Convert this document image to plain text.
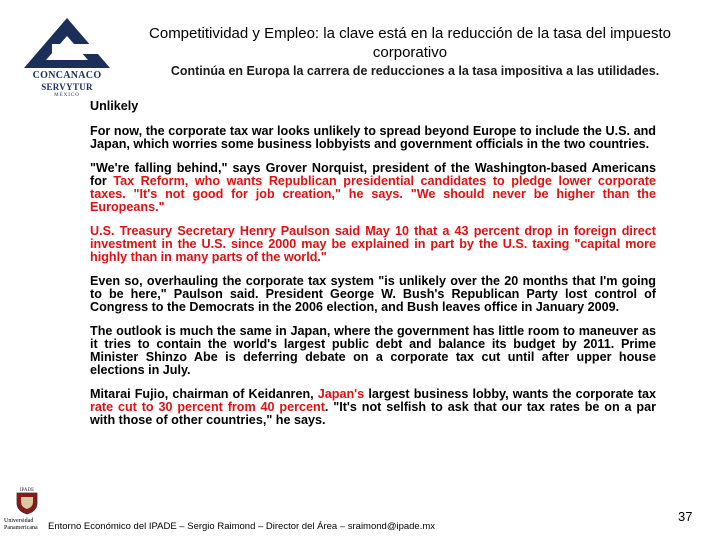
CONCANACO
SERVYTUR
MÉXICO
Competitividad y Empleo: la clave está en la reducción de la tasa del impuesto corporativo
Continúa en Europa la carrera de reducciones a la tasa impositiva a las utilidades.
Unlikely

For now, the corporate tax war looks unlikely to spread beyond Europe to include the U.S. and Japan, which worries some business lobbyists and government officials in the two countries.

"We're falling behind," says Grover Norquist, president of the Washington-based Americans for Tax Reform, who wants Republican presidential candidates to pledge lower corporate taxes. "It's not good for job creation," he says. "We should never be higher than the Europeans."

U.S. Treasury Secretary Henry Paulson said May 10 that a 43 percent drop in foreign direct investment in the U.S. since 2000 may be explained in part by the U.S. taxing "capital more highly than in many parts of the world."

Even so, overhauling the corporate tax system "is unlikely over the 20 months that I'm going to be here," Paulson said. President George W. Bush's Republican Party lost control of Congress to the Democrats in the 2006 election, and Bush leaves office in January 2009.

The outlook is much the same in Japan, where the government has little room to maneuver as it tries to contain the world's largest public debt and balance its budget by 2011. Prime Minister Shinzo Abe is deferring debate on a corporate tax cut until after upper house elections in July.

Mitarai Fujio, chairman of Keidanren, Japan's largest business lobby, wants the corporate tax rate cut to 30 percent from 40 percent. "It's not selfish to ask that our tax rates be on a par with those of other countries," he says.

IPADE
Universidad Panamericana	Entorno Económico del IPADE – Sergio Raimond – Director del Área – sraimond@ipade.mx
37
